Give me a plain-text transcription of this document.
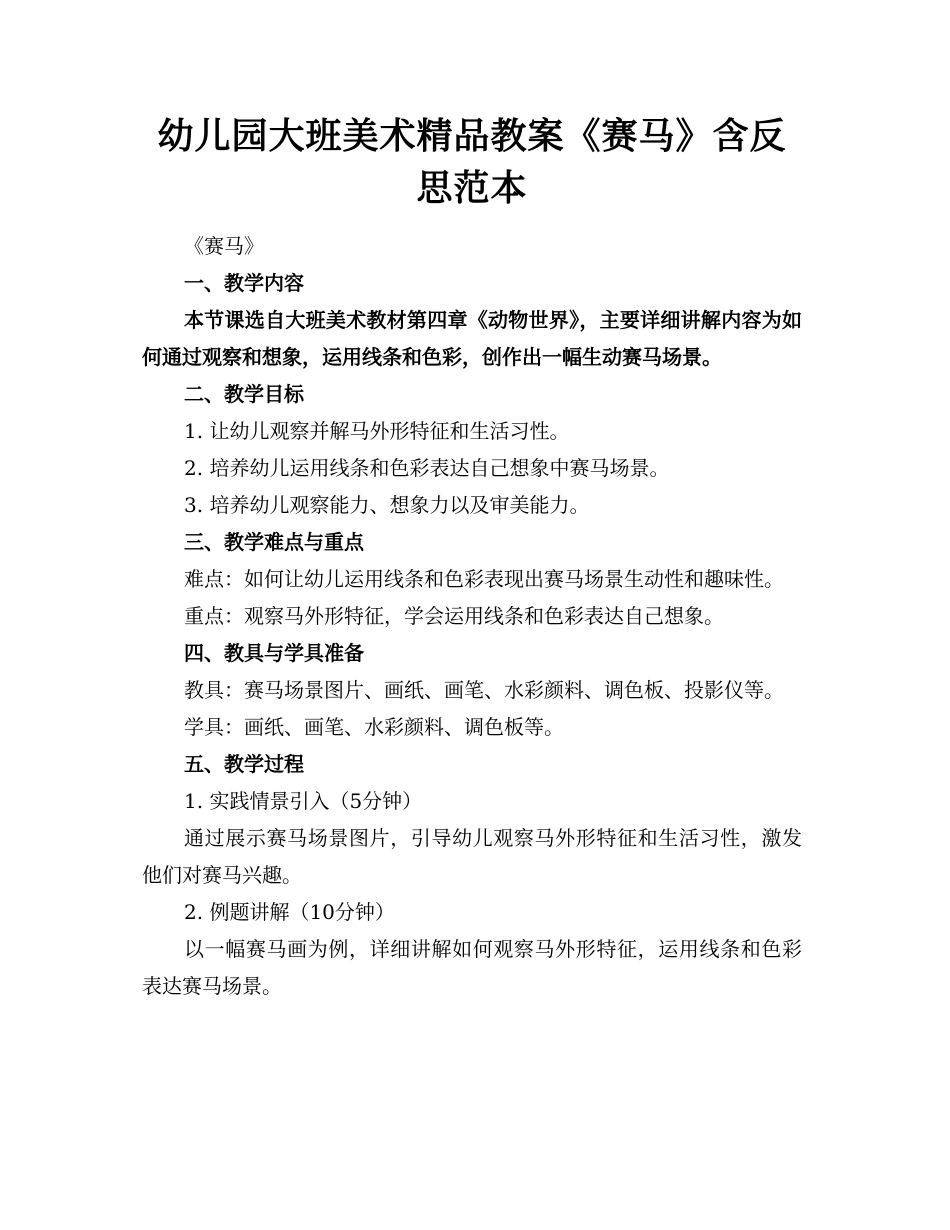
幼儿园大班美术精品教案《赛马》含反思范本

《赛马》

一、教学内容

本节课选自大班美术教材第四章《动物世界》，主要详细讲解内容为如何通过观察和想象，运用线条和色彩，创作出一幅生动赛马场景。

二、教学目标

1. 让幼儿观察并解马外形特征和生活习性。

2. 培养幼儿运用线条和色彩表达自己想象中赛马场景。

3. 培养幼儿观察能力、想象力以及审美能力。

三、教学难点与重点

难点：如何让幼儿运用线条和色彩表现出赛马场景生动性和趣味性。

重点：观察马外形特征，学会运用线条和色彩表达自己想象。

四、教具与学具准备

教具：赛马场景图片、画纸、画笔、水彩颜料、调色板、投影仪等。

学具：画纸、画笔、水彩颜料、调色板等。

五、教学过程

1. 实践情景引入（5分钟）

通过展示赛马场景图片，引导幼儿观察马外形特征和生活习性，激发他们对赛马兴趣。

2. 例题讲解（10分钟）

以一幅赛马画为例，详细讲解如何观察马外形特征，运用线条和色彩表达赛马场景。
